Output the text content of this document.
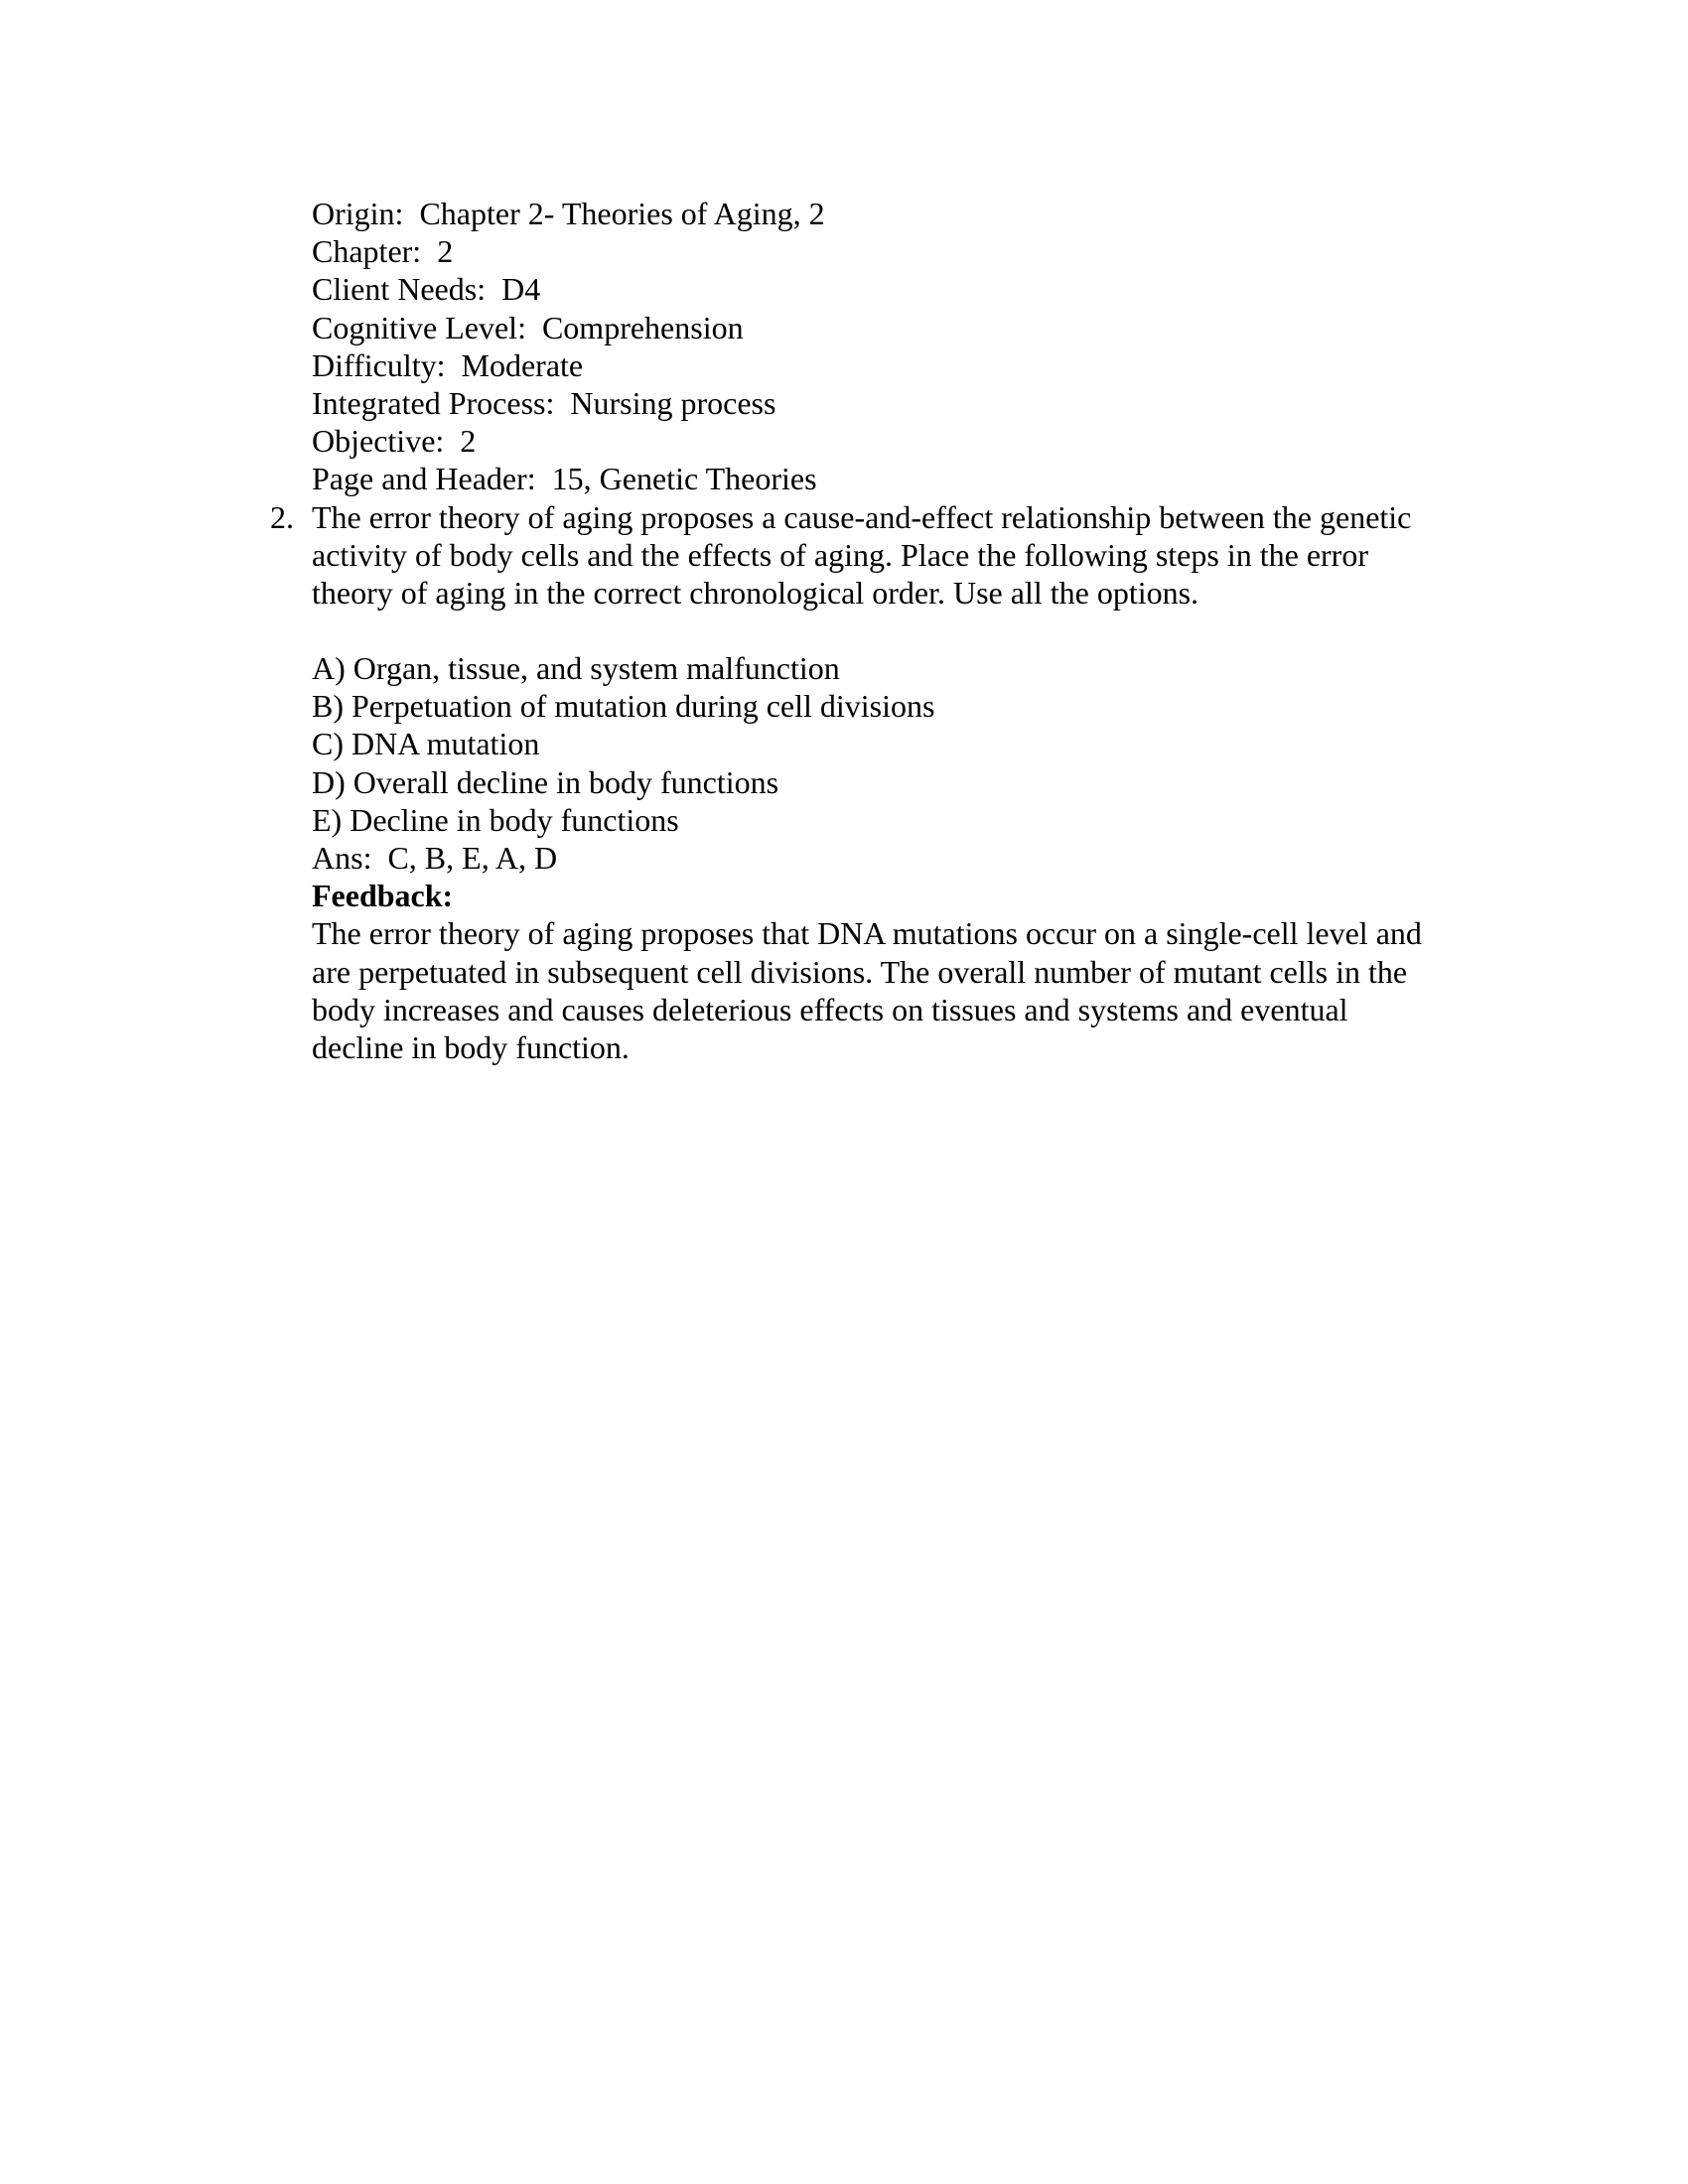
Origin:  Chapter 2- Theories of Aging, 2
Chapter:  2
Client Needs:  D4
Cognitive Level:  Comprehension
Difficulty:  Moderate
Integrated Process:  Nursing process
Objective:  2
Page and Header:  15, Genetic Theories
2. The error theory of aging proposes a cause-and-effect relationship between the genetic
activity of body cells and the effects of aging. Place the following steps in the error
theory of aging in the correct chronological order. Use all the options.
A) Organ, tissue, and system malfunction
B) Perpetuation of mutation during cell divisions
C) DNA mutation
D) Overall decline in body functions
E) Decline in body functions
Ans:  C, B, E, A, D
Feedback:
The error theory of aging proposes that DNA mutations occur on a single-cell level and
are perpetuated in subsequent cell divisions. The overall number of mutant cells in the
body increases and causes deleterious effects on tissues and systems and eventual
decline in body function.
